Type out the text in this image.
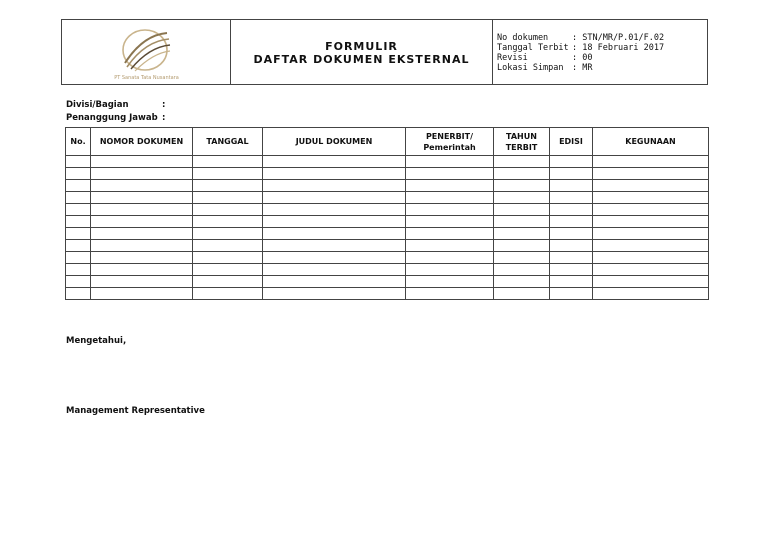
PT Sanata Tata Nusantara
FORMULIR
DAFTAR DOKUMEN EKSTERNAL
No dokumen	: STN/MR/P.01/F.02
Tanggal Terbit : 18 Februari 2017
Revisi	: 00
Lokasi Simpan : MR
Divisi/Bagian	:
Penanggung Jawab :
No.	NOMOR DOKUMEN	TANGGAL	JUDUL DOKUMEN	PENERBIT/ Pemerintah	TAHUN TERBIT	EDISI	KEGUNAAN

Mengetahui,
Management Representative
